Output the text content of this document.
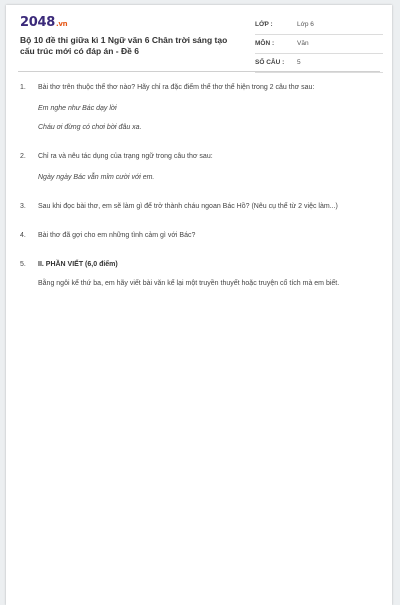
2048.vn
Bộ 10 đề thi giữa kì 1 Ngữ văn 6 Chân trời sáng tạo cấu trúc mới có đáp án - Đề 6
LỚP :	Lớp 6
MÔN :	Văn
SỐ CÂU : 5
1. Bài thơ trên thuộc thể thơ nào? Hãy chỉ ra đặc điểm thể thơ thể hiện trong 2 câu thơ sau:
Em nghe như Bác dạy lời
Cháu ơi đừng có chơi bời đâu xa.
2. Chỉ ra và nêu tác dụng của trạng ngữ trong câu thơ sau:
Ngày ngày Bác vẫn mỉm cười với em.
3. Sau khi đọc bài thơ, em sẽ làm gì để trở thành cháu ngoan Bác Hồ? (Nêu cụ thể từ 2 việc làm...)
4. Bài thơ đã gợi cho em những tình cảm gì với Bác?
5. II. PHẦN VIẾT (6,0 điểm)
Bằng ngôi kể thứ ba, em hãy viết bài văn kể lại một truyền thuyết hoặc truyện cổ tích mà em biết.
